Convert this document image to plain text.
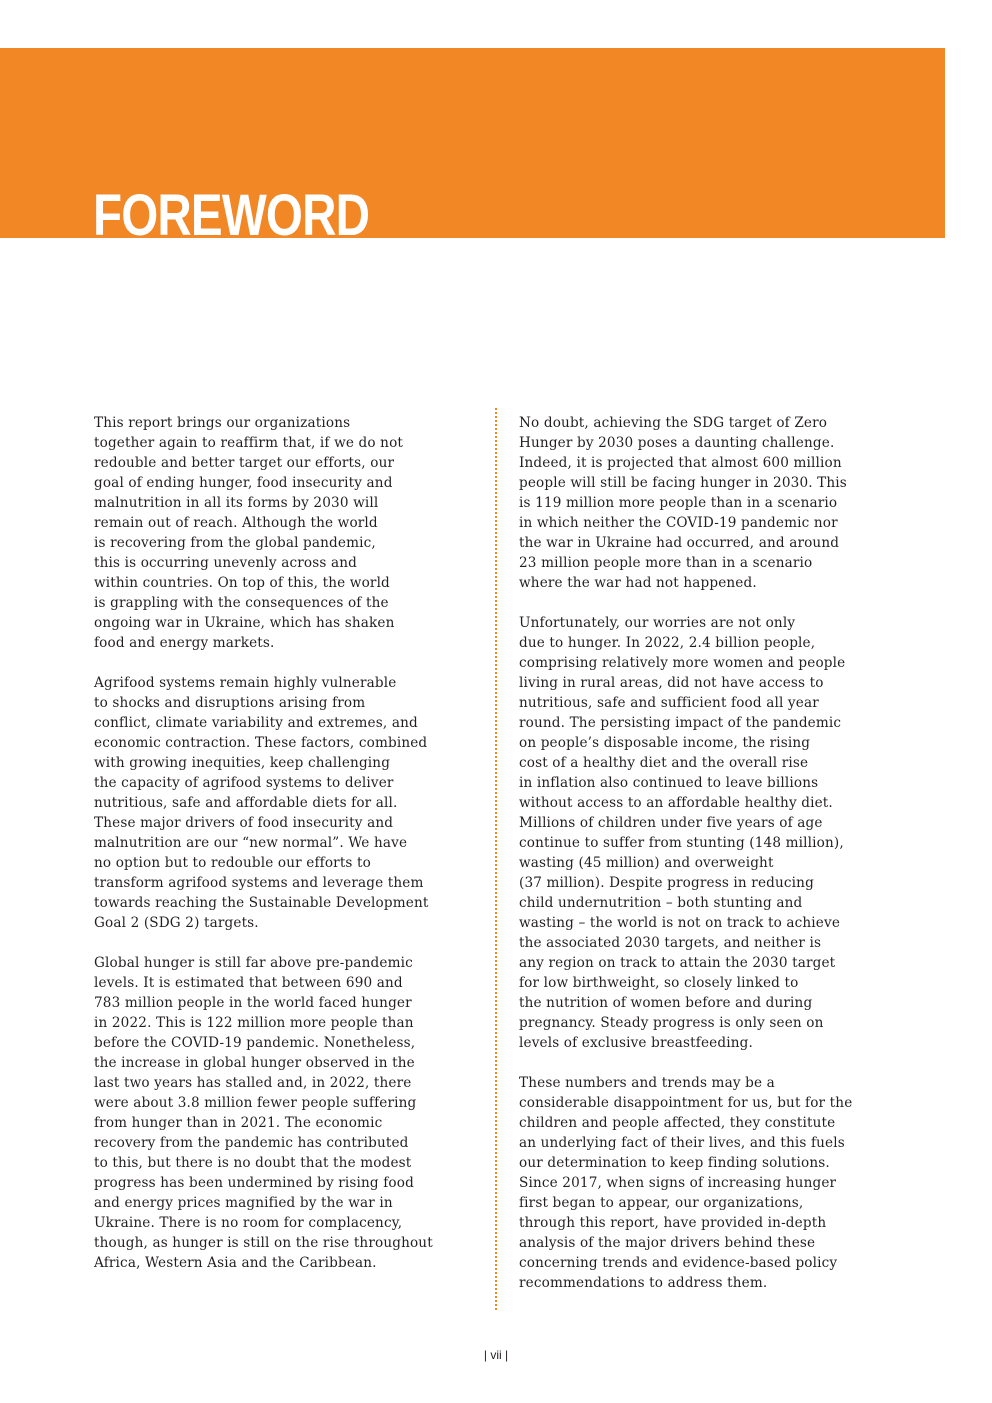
FOREWORD

This report brings our organizations
together again to reaffirm that, if we do not
redouble and better target our efforts, our
goal of ending hunger, food insecurity and
malnutrition in all its forms by 2030 will
remain out of reach. Although the world
is recovering from the global pandemic,
this is occurring unevenly across and
within countries. On top of this, the world
is grappling with the consequences of the
ongoing war in Ukraine, which has shaken
food and energy markets.

Agrifood systems remain highly vulnerable
to shocks and disruptions arising from
conflict, climate variability and extremes, and
economic contraction. These factors, combined
with growing inequities, keep challenging
the capacity of agrifood systems to deliver
nutritious, safe and affordable diets for all.
These major drivers of food insecurity and
malnutrition are our “new normal”. We have
no option but to redouble our efforts to
transform agrifood systems and leverage them
towards reaching the Sustainable Development
Goal 2 (SDG 2) targets.

Global hunger is still far above pre-pandemic
levels. It is estimated that between 690 and
783 million people in the world faced hunger
in 2022. This is 122 million more people than
before the COVID-19 pandemic. Nonetheless,
the increase in global hunger observed in the
last two years has stalled and, in 2022, there
were about 3.8 million fewer people suffering
from hunger than in 2021. The economic
recovery from the pandemic has contributed
to this, but there is no doubt that the modest
progress has been undermined by rising food
and energy prices magnified by the war in
Ukraine. There is no room for complacency,
though, as hunger is still on the rise throughout
Africa, Western Asia and the Caribbean.

No doubt, achieving the SDG target of Zero
Hunger by 2030 poses a daunting challenge.
Indeed, it is projected that almost 600 million
people will still be facing hunger in 2030. This
is 119 million more people than in a scenario
in which neither the COVID-19 pandemic nor
the war in Ukraine had occurred, and around
23 million people more than in a scenario
where the war had not happened.

Unfortunately, our worries are not only
due to hunger. In 2022, 2.4 billion people,
comprising relatively more women and people
living in rural areas, did not have access to
nutritious, safe and sufficient food all year
round. The persisting impact of the pandemic
on people’s disposable income, the rising
cost of a healthy diet and the overall rise
in inflation also continued to leave billions
without access to an affordable healthy diet.
Millions of children under five years of age
continue to suffer from stunting (148 million),
wasting (45 million) and overweight
(37 million). Despite progress in reducing
child undernutrition – both stunting and
wasting – the world is not on track to achieve
the associated 2030 targets, and neither is
any region on track to attain the 2030 target
for low birthweight, so closely linked to
the nutrition of women before and during
pregnancy. Steady progress is only seen on
levels of exclusive breastfeeding.

These numbers and trends may be a
considerable disappointment for us, but for the
children and people affected, they constitute
an underlying fact of their lives, and this fuels
our determination to keep finding solutions.
Since 2017, when signs of increasing hunger
first began to appear, our organizations,
through this report, have provided in-depth
analysis of the major drivers behind these
concerning trends and evidence-based policy
recommendations to address them.

| vii |
